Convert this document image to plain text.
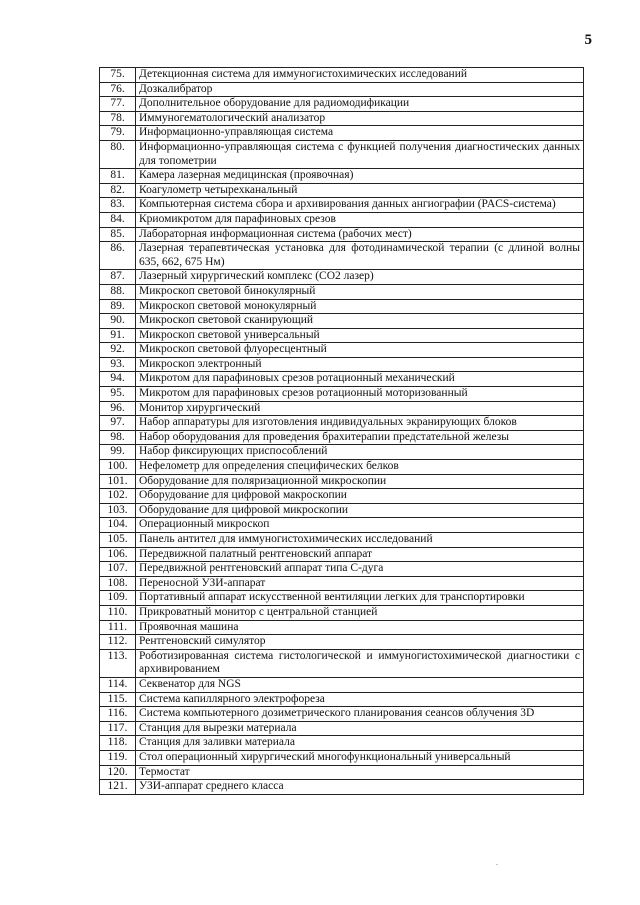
5
75.	Детекционная система для иммуногистохимических исследований
76.	Дозкалибратор
77.	Дополнительное оборудование для радиомодификации
78.	Иммуногематологический анализатор
79.	Информационно-управляющая система
80.	Информационно-управляющая система с функцией получения диагностических данных для топометрии
81.	Камера лазерная медицинская (проявочная)
82.	Коагулометр четырехканальный
83.	Компьютерная система сбора и архивирования данных ангиографии (PACS-система)
84.	Криомикротом для парафиновых срезов
85.	Лабораторная информационная система (рабочих мест)
86.	Лазерная терапевтическая установка для фотодинамической терапии (с длиной волны 635, 662, 675 Нм)
87.	Лазерный хирургический комплекс (СО2 лазер)
88.	Микроскоп световой бинокулярный
89.	Микроскоп световой монокулярный
90.	Микроскоп световой сканирующий
91.	Микроскоп световой универсальный
92.	Микроскоп световой флуоресцентный
93.	Микроскоп электронный
94.	Микротом для парафиновых срезов ротационный механический
95.	Микротом для парафиновых срезов ротационный моторизованный
96.	Монитор хирургический
97.	Набор аппаратуры для изготовления индивидуальных экранирующих блоков
98.	Набор оборудования для проведения брахитерапии предстательной железы
99.	Набор фиксирующих приспособлений
100.	Нефелометр для определения специфических белков
101.	Оборудование для поляризационной микроскопии
102.	Оборудование для цифровой макроскопии
103.	Оборудование для цифровой микроскопии
104.	Операционный микроскоп
105.	Панель антител для иммуногистохимических исследований
106.	Передвижной палатный рентгеновский аппарат
107.	Передвижной рентгеновский аппарат типа С-дуга
108.	Переносной УЗИ-аппарат
109.	Портативный аппарат искусственной вентиляции легких для транспортировки
110.	Прикроватный монитор с центральной станцией
111.	Проявочная машина
112.	Рентгеновский симулятор
113.	Роботизированная система гистологической и иммуногистохимической диагностики с архивированием
114.	Секвенатор для NGS
115.	Система капиллярного электрофореза
116.	Система компьютерного дозиметрического планирования сеансов облучения 3D
117.	Станция для вырезки материала
118.	Станция для заливки материала
119.	Стол операционный хирургический многофункциональный универсальный
120.	Термостат
121.	УЗИ-аппарат среднего класса
.
